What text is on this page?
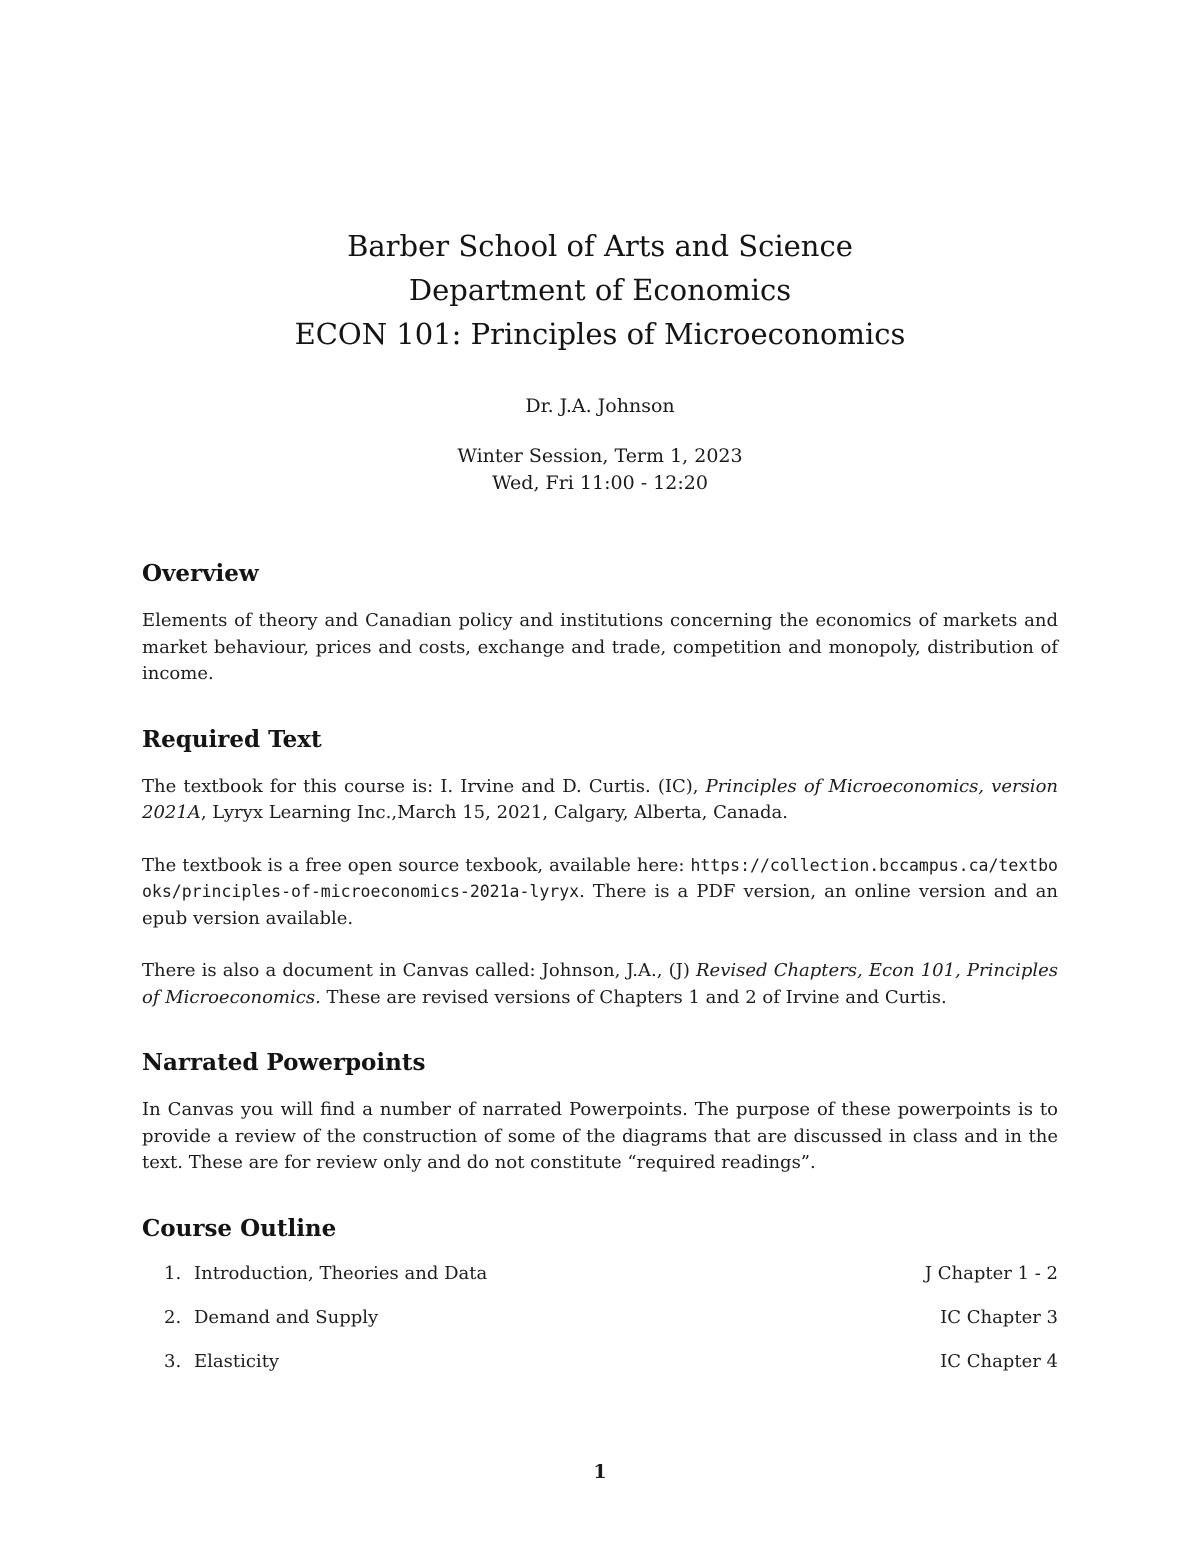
Barber School of Arts and Science
Department of Economics
ECON 101: Principles of Microeconomics
Dr. J.A. Johnson
Winter Session, Term 1, 2023
Wed, Fri 11:00 - 12:20
Overview

Elements of theory and Canadian policy and institutions concerning the economics of markets and market behaviour, prices and costs, exchange and trade, competition and monopoly, distribution of income.

Required Text

The textbook for this course is: I. Irvine and D. Curtis. (IC), Principles of Microeconomics, version 2021A, Lyryx Learning Inc.,March 15, 2021, Calgary, Alberta, Canada.

The textbook is a free open source texbook, available here: https://collection.bccampus.ca/textbooks/principles-of-microeconomics-2021a-lyryx. There is a PDF version, an online version and an epub version available.

There is also a document in Canvas called: Johnson, J.A., (J) Revised Chapters, Econ 101, Principles of Microeconomics. These are revised versions of Chapters 1 and 2 of Irvine and Curtis.

Narrated Powerpoints

In Canvas you will find a number of narrated Powerpoints. The purpose of these powerpoints is to provide a review of the construction of some of the diagrams that are discussed in class and in the text. These are for review only and do not constitute “required readings”.

Course Outline
1. Introduction, Theories and Data	J Chapter 1 - 2
2. Demand and Supply	IC Chapter 3
3. Elasticity	IC Chapter 4
1
